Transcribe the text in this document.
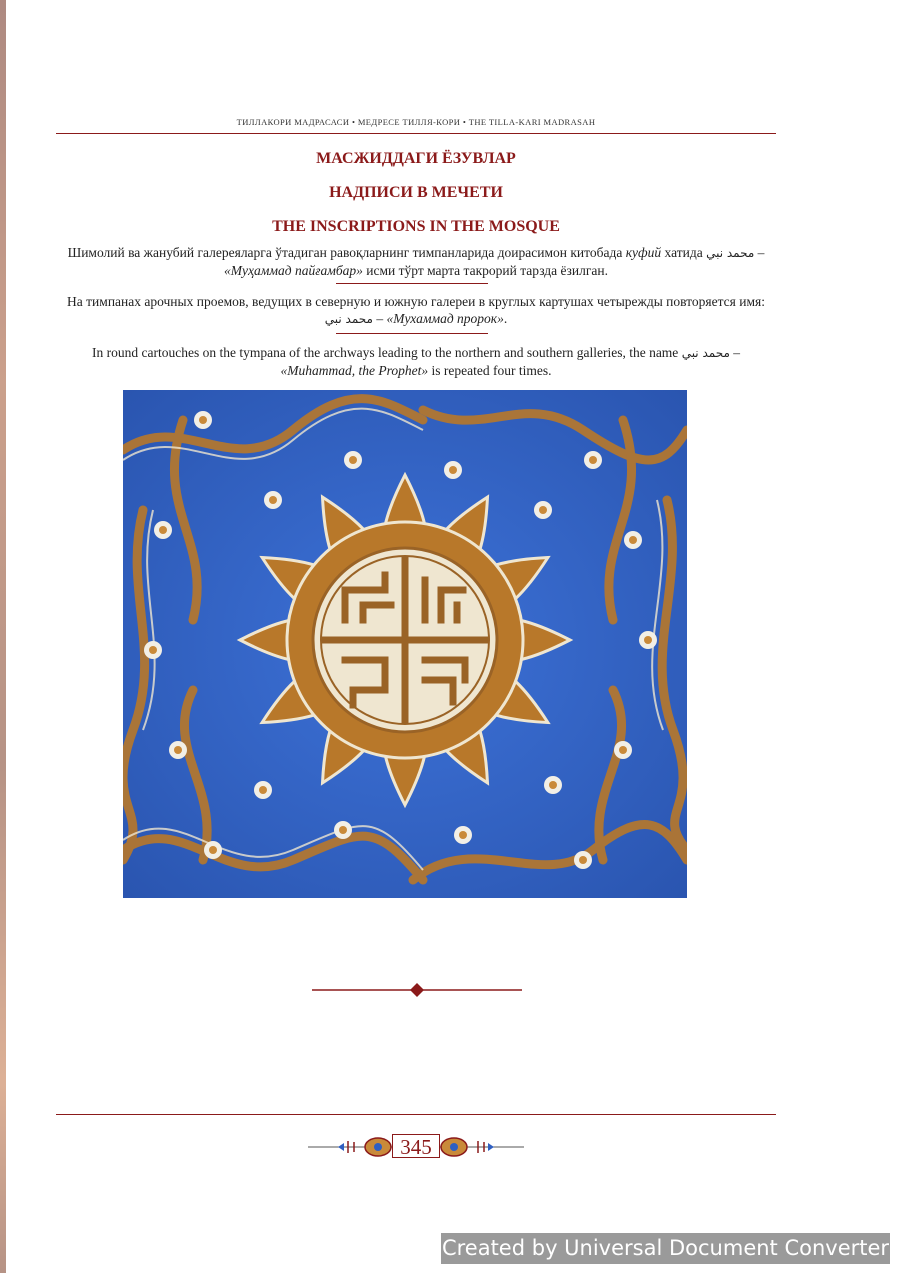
ТИЛЛАКОРИ МАДРАСАСИ • МЕДРЕСЕ ТИЛЛЯ-КОРИ • THE TILLA-KARI MADRASAH
МАСЖИДДАГИ ЁЗУВЛАР
НАДПИСИ В МЕЧЕТИ
THE INSCRIPTIONS IN THE MOSQUE
Шимолий ва жанубий галереяларга ўтадиган равоқларнинг тимпанларида доирасимон китобада куфий хатида محمد نبي –
«Муҳаммад пайғамбар» исми тўрт марта такрорий тарзда ёзилган.
На тимпанах арочных проемов, ведущих в северную и южную галереи в круглых картушах четырежды повторяется имя: محمد نبي – «Мухаммад пророк».
In round cartouches on the tympana of the archways leading to the northern and southern galleries, the name محمد نبي –
«Muhammad, the Prophet» is repeated four times.
345
Created by Universal Document Converter
